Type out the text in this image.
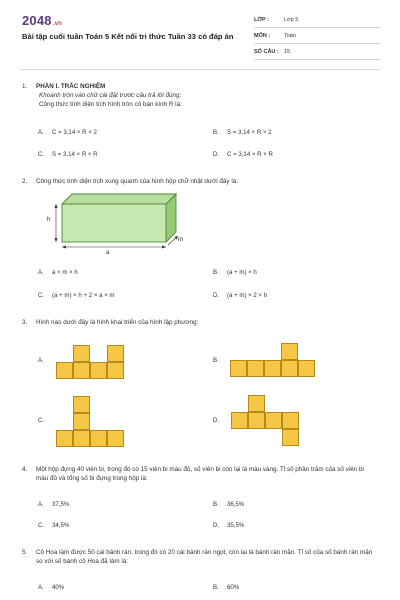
2048.vn
Bài tập cuối tuần Toán 5 Kết nối tri thức Tuần 33 có đáp án
LỚP :	Lớp 5
MÔN :	Toán
SỐ CÂU : 15
1. PHẦN I. TRẮC NGHIỆM
Khoanh tròn vào chữ cái đặt trước câu trả lời đúng:
Công thức tính diện tích hình tròn có bán kính R là:
A. C = 3,14 × R × 2	B. S = 3,14 × R × 2
C. S = 3,14 × R × R	D. C = 3,14 × R × R
2. Công thức tính diện tích xung quanh của hình hộp chữ nhật dưới đây là:
h
a
m
A. a × m × h	B. (a + m) × h
C. (a + m) × h + 2 × a × m	D. (a + m) × 2 × h
3. Hình nào dưới đây là hình khai triển của hình lập phương:
A.	B.
C.	D.
4. Một hộp đựng 40 viên bi, trong đó có 15 viên bi màu đỏ, số viên bi còn lại là màu vàng. Tỉ số phần trăm của số viên bi màu đỏ và tổng số bi đựng trong hộp là:
A. 37,5%	B. 36,5%
C. 34,5%	D. 35,5%
5. Cô Hoa làm được 50 cái bánh rán, trong đó có 20 cái bánh rán ngọt, còn lại là bánh rán mặn. Tỉ số của số bánh rán mặn so với số bánh cô Hoa đã làm là:
A. 40%	B. 60%
